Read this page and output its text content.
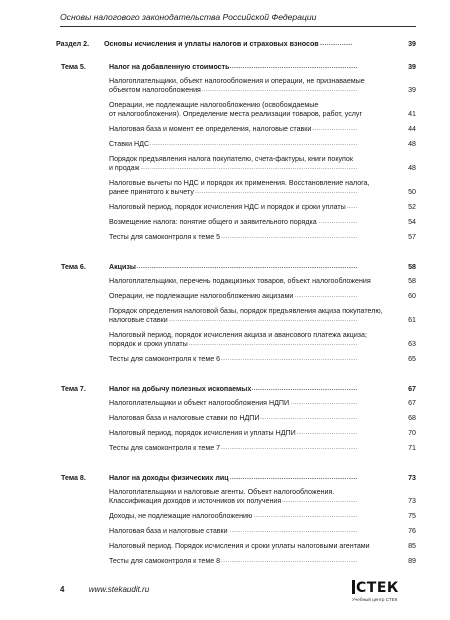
Основы налогового законодательства Российской Федерации
Раздел 2.	. . . Основы исчисления и уплаты налогов и страховых взносов	39
Тема 5.	. . . Налог на добавленную стоимость	39
Налогоплательщики, объект налогообложения и операции, не признаваемые
. . . объектом налогообложения	39
Операции, не подлежащие налогообложению (освобождаемые
. . . от налогообложения). Определение места реализации товаров, работ, услуг	41
. . . Налоговая база и момент ее определения, налоговые ставки	44
. . . Ставки НДС	48
Порядок предъявления налога покупателю, счета-фактуры, книги покупок
. . . и продаж	48
Налоговые вычеты по НДС и порядок их применения. Восстановление налога,
. . . ранее принятого к вычету	50
. . . Налоговый период, порядок исчисления НДС и порядок и сроки уплаты	52
. . . Возмещение налога: понятие общего и заявительного порядка	54
. . . Тесты для самоконтроля к теме 5	57
Тема 6.	. . . Акцизы	58
. . . Налогоплательщики, перечень подакцизных товаров, объект налогообложения	58
. . . Операции, не подлежащие налогообложению акцизами	60
Порядок определения налоговой базы, порядок предъявления акциза покупателю,
. . . налоговые ставки	61
Налоговый период, порядок исчисления акциза и авансового платежа акциза;
. . . порядок и сроки уплаты	63
. . . Тесты для самоконтроля к теме 6	65
Тема 7.	. . . Налог на добычу полезных ископаемых	67
. . . Налогоплательщики и объект налогообложения НДПИ	67
. . . Налоговая база и налоговые ставки по НДПИ	68
. . . Налоговый период, порядок исчисления и уплаты НДПИ	70
. . . Тесты для самоконтроля к теме 7	71
Тема 8.	. . . Налог на доходы физических лиц	73
Налогоплательщики и налоговые агенты. Объект налогообложения.
. . . Классификация доходов и источников их получения	73
. . . Доходы, не подлежащие налогообложению	75
. . . Налоговая база и налоговые ставки	76
. . . Налоговый период. Порядок исчисления и сроки уплаты налоговыми агентами	85
. . . Тесты для самоконтроля к теме 8	89
4	www.stekaudit.ru	СТЕК
Учебный центр СТЕК
